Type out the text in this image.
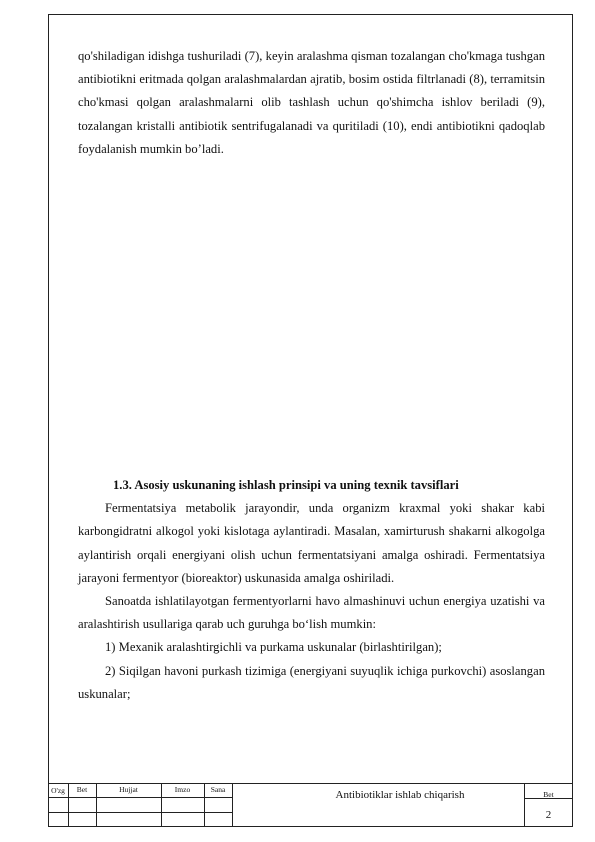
qo'shiladigan idishga tushuriladi (7), keyin aralashma qisman tozalangan cho'kmaga tushgan antibiotikni eritmada qolgan aralashmalardan ajratib, bosim ostida filtrlanadi (8), terramitsin cho'kmasi qolgan aralashmalarni olib tashlash uchun qo'shimcha ishlov beriladi (9), tozalangan kristalli antibiotik sentrifugalanadi va quritiladi (10), endi antibiotikni qadoqlab foydalanish mumkin bo’ladi.

1.3. Asosiy uskunaning ishlash prinsipi va uning texnik tavsiflari

Fermentatsiya metabolik jarayondir, unda organizm kraxmal yoki shakar kabi karbongidratni alkogol yoki kislotaga aylantiradi. Masalan, xamirturush shakarni alkogolga aylantirish orqali energiyani olish uchun fermentatsiyani amalga oshiradi. Fermentatsiya jarayoni fermentyor (bioreaktor) uskunasida amalga oshiriladi.

Sanoatda ishlatilayotgan fermentyorlarni havo almashinuvi uchun energiya uzatishi va aralashtirish usullariga qarab uch guruhga bo‘lish mumkin:

1) Mexanik aralashtirgichli va purkama uskunalar (birlashtirilgan);

2) Siqilgan havoni purkash tizimiga (energiyani suyuqlik ichiga purkovchi) asoslangan uskunalar;

O'zg	Bet	Hujjat	Imzo	Sana	Antibiotiklar ishlab chiqarish	Bet
2
